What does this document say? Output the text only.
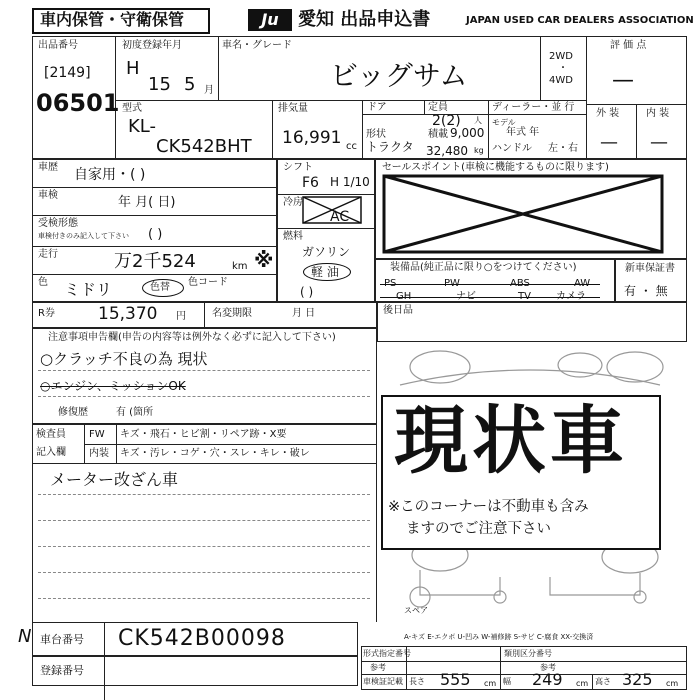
車内保管・守衛保管	Ju	愛知 出品申込書	JAPAN USED CAR DEALERS ASSOCIATION
出品番号
[2149]
06501
初度登録年月
H
15 5 月
車名・グレード
ビッグサム
2WD
・
4WD
評 価 点
—
外 装	内 装
— —
型式
KL-
CK542BHT
排気量
16,991 cc
ドア	定員
2(2) 人
形状
トラクタ
積載 9,000
32,480 kg
ディーラー・並 行
モデル
年式 年
ハンドル 左・右
車歴 自家用・( )
車検	年 月( 日)
受検形態
車検付きのみ記入して下さい ( )
走行	万2千524	km ※
色 ミドリ	色替 色コード
シフト
F6 H 1/10
冷房
AC
燃料
ガソリン
軽 油
( )
セールスポイント(車検に機能するものに限ります)
装備品(純正品に限り○をつけてください)
PS	PW	ABS	AW
GH	ナビ	TV	カメラ
新車保証書
有 ・ 無
R券	15,370 円	名変期限	月 日	後日品
注意事項申告欄(申告の内容等は例外なく必ずに記入して下さい)
○クラッチ不良の為 現状
○エンジン、ミッションOK
修復歴	有 (箇所
検査員
記入欄
FW キズ・飛石・ヒビ割・リペア跡・X要
内装 キズ・汚レ・コゲ・穴・スレ・キレ・破レ
メーター改ざん車	現状車
※このコーナーは不動車も含み
ますのでご注意下さい
スペア
A-キズ E-エクボ U-凹み W-補修跡 S-サビ C-腐食 XX-交換済
N 車台番号 CK542B00098
登録番号
形式指定番号	類別区分番号
参考	参考
車検証記載 長さ 555 cm 幅 249 cm 高さ 325 cm
